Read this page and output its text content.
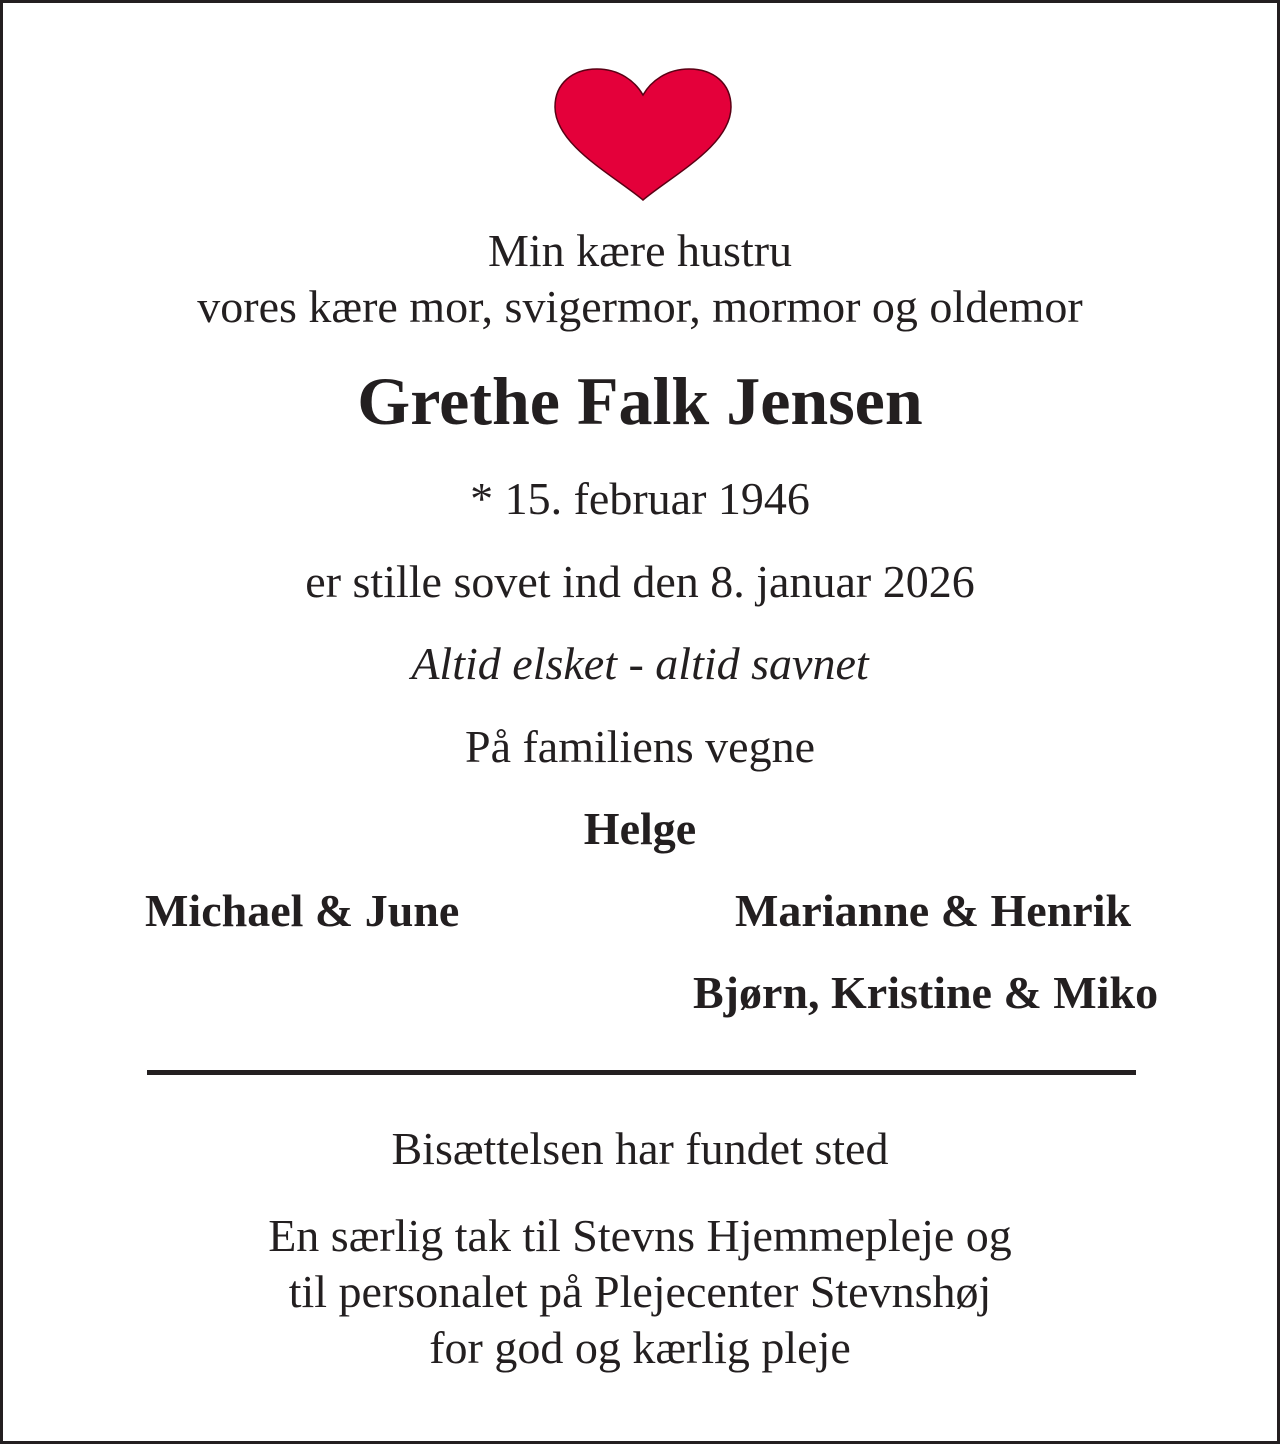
Min kære hustru

vores kære mor, svigermor, mormor og oldemor

Grethe Falk Jensen

* 15. februar 1946

er stille sovet ind den 8. januar 2026

Altid elsket - altid savnet

På familiens vegne

Helge

Michael & June	Marianne & Henrik
Bjørn, Kristine & Miko

Bisættelsen har fundet sted

En særlig tak til Stevns Hjemmepleje og

til personalet på Plejecenter Stevnshøj

for god og kærlig pleje
